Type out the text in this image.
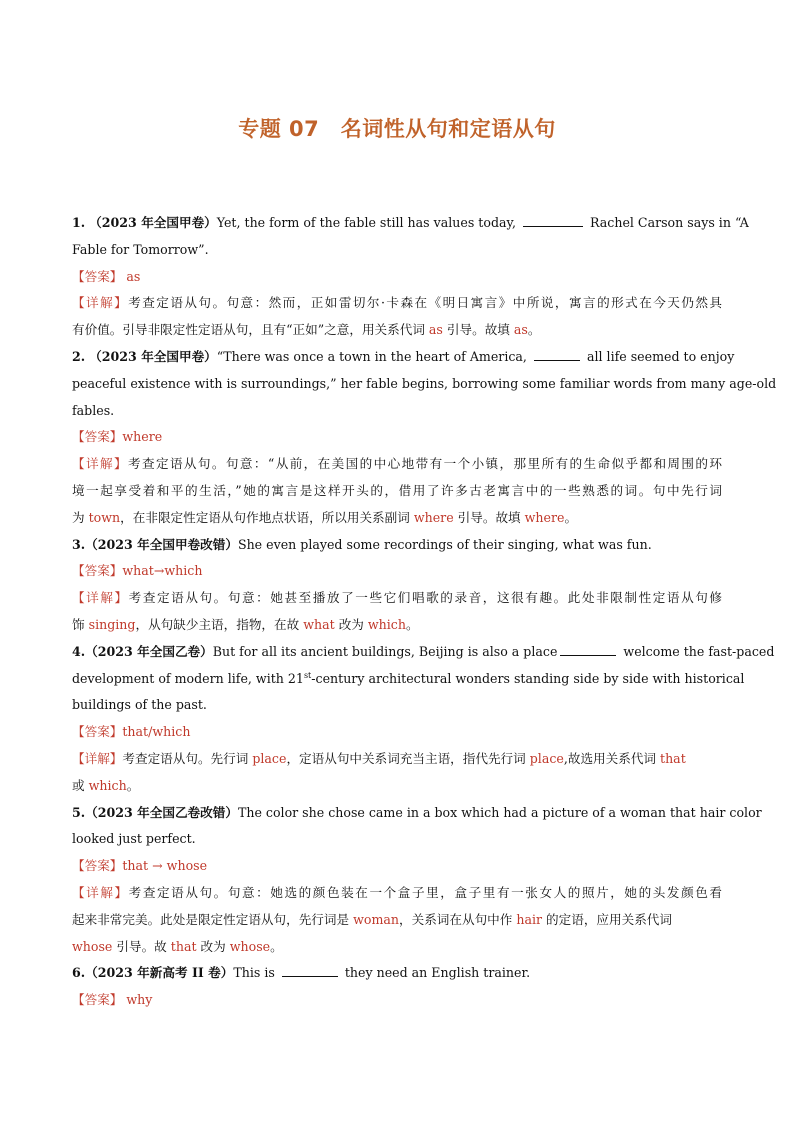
专题 07　名词性从句和定语从句
1. （2023 年全国甲卷）Yet, the form of the fable still has values today,	Rachel Carson says in “A
Fable for Tomorrow”.
【答案】 as
【详解】考查定语从句。句意：然而，正如雷切尔·卡森在《明日寓言》中所说，寓言的形式在今天仍然具
有价值。引导非限定性定语从句，且有“正如”之意，用关系代词 as 引导。故填 as。
2. （2023 年全国甲卷）“There was once a town in the heart of America,	all life seemed to enjoy
peaceful existence with is surroundings,” her fable begins, borrowing some familiar words from many age-old
fables.
【答案】where
【详解】考查定语从句。句意：“从前，在美国的中心地带有一个小镇，那里所有的生命似乎都和周围的环
境一起享受着和平的生活，”她的寓言是这样开头的，借用了许多古老寓言中的一些熟悉的词。句中先行词
为 town，在非限定性定语从句作地点状语，所以用关系副词 where 引导。故填 where。
3.（2023 年全国甲卷改错）She even played some recordings of their singing, what was fun.
【答案】what→which
【详解】考查定语从句。句意：她甚至播放了一些它们唱歌的录音，这很有趣。此处非限制性定语从句修
饰 singing，从句缺少主语，指物，在故 what 改为 which。
4.（2023 年全国乙卷）But for all its ancient buildings, Beijing is also a place	welcome the fast-paced
development of modern life, with 21st-century architectural wonders standing side by side with historical
buildings of the past.
【答案】that/which
【详解】考查定语从句。先行词 place，定语从句中关系词充当主语，指代先行词 place,故选用关系代词 that
或 which。
5.（2023 年全国乙卷改错）The color she chose came in a box which had a picture of a woman that hair color
looked just perfect.
【答案】that → whose
【详解】考查定语从句。句意：她选的颜色装在一个盒子里，盒子里有一张女人的照片，她的头发颜色看
起来非常完美。此处是限定性定语从句，先行词是 woman，关系词在从句中作 hair 的定语，应用关系代词
whose 引导。故 that 改为 whose。
6.（2023 年新高考 II 卷）This is	they need an English trainer.
【答案】 why
